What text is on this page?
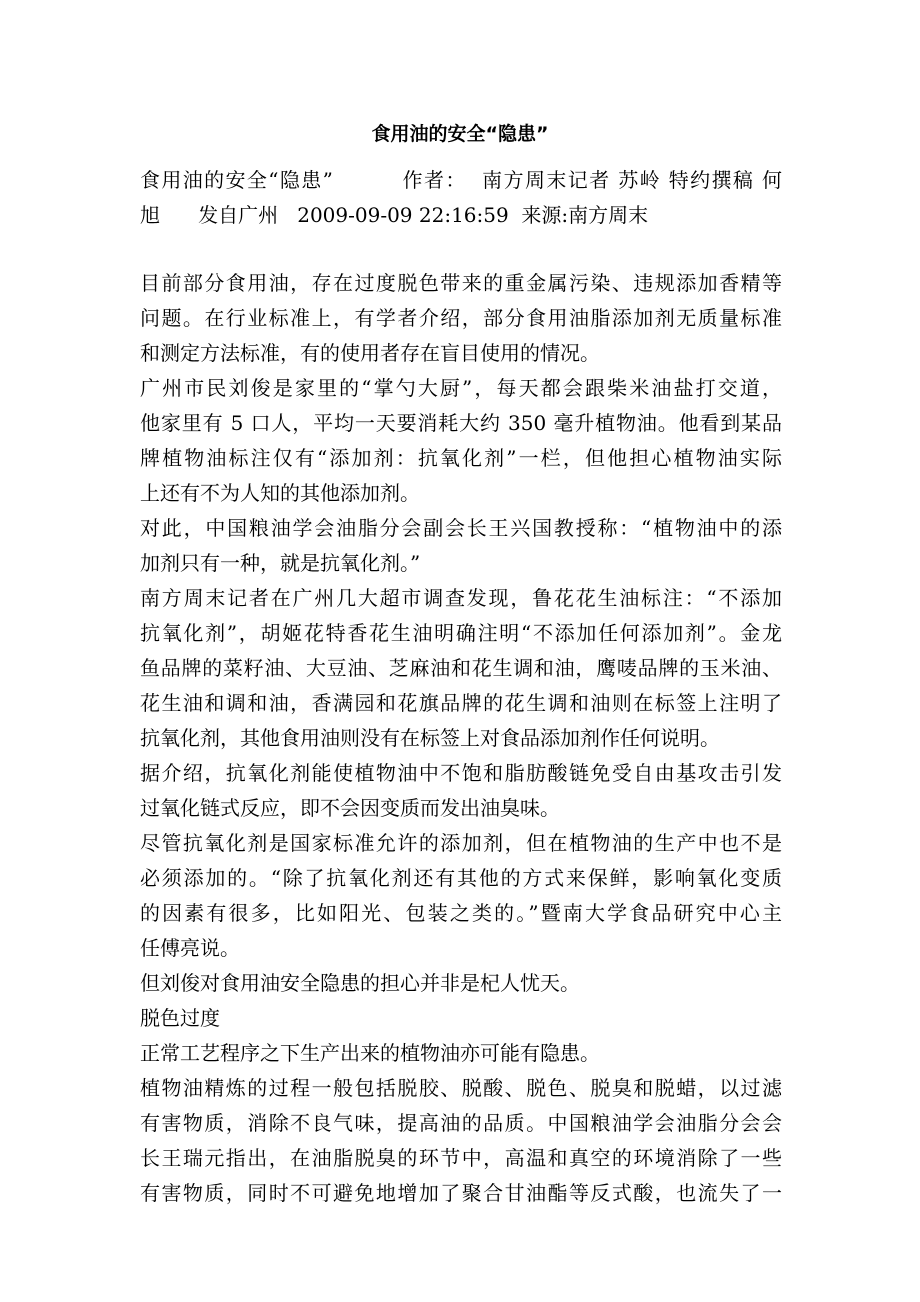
食用油的安全“隐患”
食用油的安全“隐患”         作者：  南方周末记者 苏岭 特约撰稿 何
旭      发自广州   2009-09-09 22:16:59  来源:南方周末
目前部分食用油，存在过度脱色带来的重金属污染、违规添加香精等
问题。在行业标准上，有学者介绍，部分食用油脂添加剂无质量标准
和测定方法标准，有的使用者存在盲目使用的情况。
广州市民刘俊是家里的“掌勺大厨”，每天都会跟柴米油盐打交道，
他家里有 5 口人，平均一天要消耗大约 350 毫升植物油。他看到某品
牌植物油标注仅有“添加剂：抗氧化剂”一栏，但他担心植物油实际
上还有不为人知的其他添加剂。
对此，中国粮油学会油脂分会副会长王兴国教授称：“植物油中的添
加剂只有一种，就是抗氧化剂。”
南方周末记者在广州几大超市调查发现，鲁花花生油标注：“不添加
抗氧化剂”，胡姬花特香花生油明确注明“不添加任何添加剂”。金龙
鱼品牌的菜籽油、大豆油、芝麻油和花生调和油，鹰唛品牌的玉米油、
花生油和调和油，香满园和花旗品牌的花生调和油则在标签上注明了
抗氧化剂，其他食用油则没有在标签上对食品添加剂作任何说明。
据介绍，抗氧化剂能使植物油中不饱和脂肪酸链免受自由基攻击引发
过氧化链式反应，即不会因变质而发出油臭味。
尽管抗氧化剂是国家标准允许的添加剂，但在植物油的生产中也不是
必须添加的。“除了抗氧化剂还有其他的方式来保鲜，影响氧化变质
的因素有很多，比如阳光、包装之类的。”暨南大学食品研究中心主
任傅亮说。
但刘俊对食用油安全隐患的担心并非是杞人忧天。
脱色过度
正常工艺程序之下生产出来的植物油亦可能有隐患。
植物油精炼的过程一般包括脱胶、脱酸、脱色、脱臭和脱蜡，以过滤
有害物质，消除不良气味，提高油的品质。中国粮油学会油脂分会会
长王瑞元指出，在油脂脱臭的环节中，高温和真空的环境消除了一些
有害物质，同时不可避免地增加了聚合甘油酯等反式酸，也流失了一
